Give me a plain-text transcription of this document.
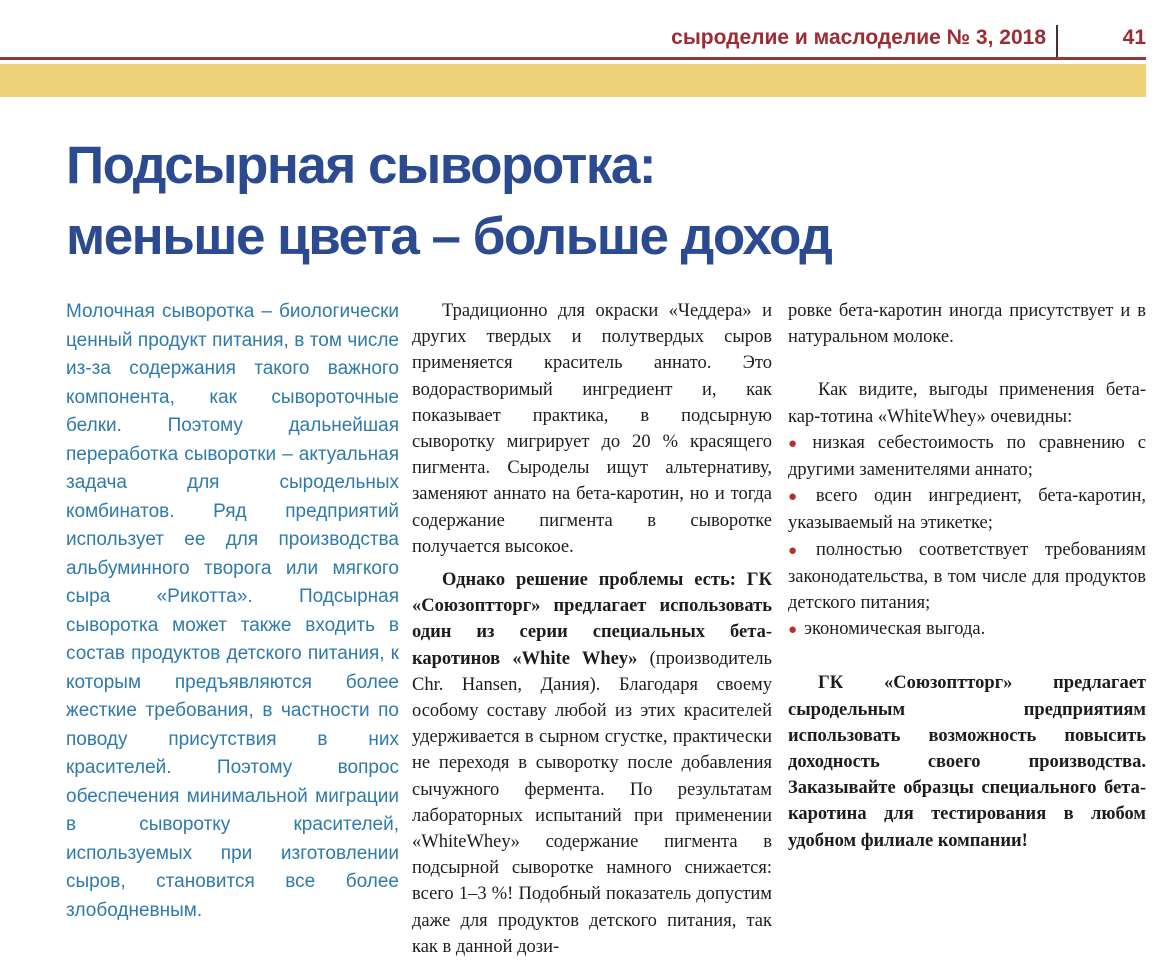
сыроделие и маслоделие № 3, 2018	41
Подсырная сыворотка:
меньше цвета – больше доход

Молочная сыворотка – биологически ценный продукт питания, в том числе из-за содержания такого важного компонента, как сывороточные белки. Поэтому дальнейшая переработка сыворотки – актуальная задача для сыродельных комбинатов. Ряд предприятий использует ее для производства альбуминного творога или мягкого сыра «Рикотта». Подсырная сыворотка может также входить в состав продуктов детского питания, к которым предъявляются более жесткие требования, в частности по поводу присутствия в них красителей. Поэтому вопрос обеспечения минимальной миграции в сыворотку красителей, используемых при изготовлении сыров, становится все более злободневным.

Традиционно для окраски «Чеддера» и других твердых и полутвердых сыров применяется краситель аннато. Это водорастворимый ингредиент и, как показывает практика, в подсырную сыворотку мигрирует до 20 % красящего пигмента. Сыроделы ищут альтернативу, заменяют аннато на бета-каротин, но и тогда содержание пигмента в сыворотке получается высокое.

Однако решение проблемы есть: ГК «Союзоптторг» предлагает использовать один из серии специальных бета-каротинов «White Whey» (производитель Chr. Hansen, Дания). Благодаря своему особому составу любой из этих красителей удерживается в сырном сгустке, практически не переходя в сыворотку после добавления сычужного фермента. По результатам лабораторных испытаний при применении «WhiteWhey» содержание пигмента в подсырной сыворотке намного снижается: всего 1–3 %! Подобный показатель допустим даже для продуктов детского питания, так как в данной дози-

ровке бета-каротин иногда присутствует и в натуральном молоке.

Как видите, выгоды применения бета-кар-тотина «WhiteWhey» очевидны:

● низкая себестоимость по сравнению с другими заменителями аннато;

● всего один ингредиент, бета-каротин, указываемый на этикетке;

● полностью соответствует требованиям законодательства, в том числе для продуктов детского питания;

● экономическая выгода.

ГК «Союзоптторг» предлагает сыродельным предприятиям использовать возможность повысить доходность своего производства. Заказывайте образцы специального бета-каротина для тестирования в любом удобном филиале компании!
